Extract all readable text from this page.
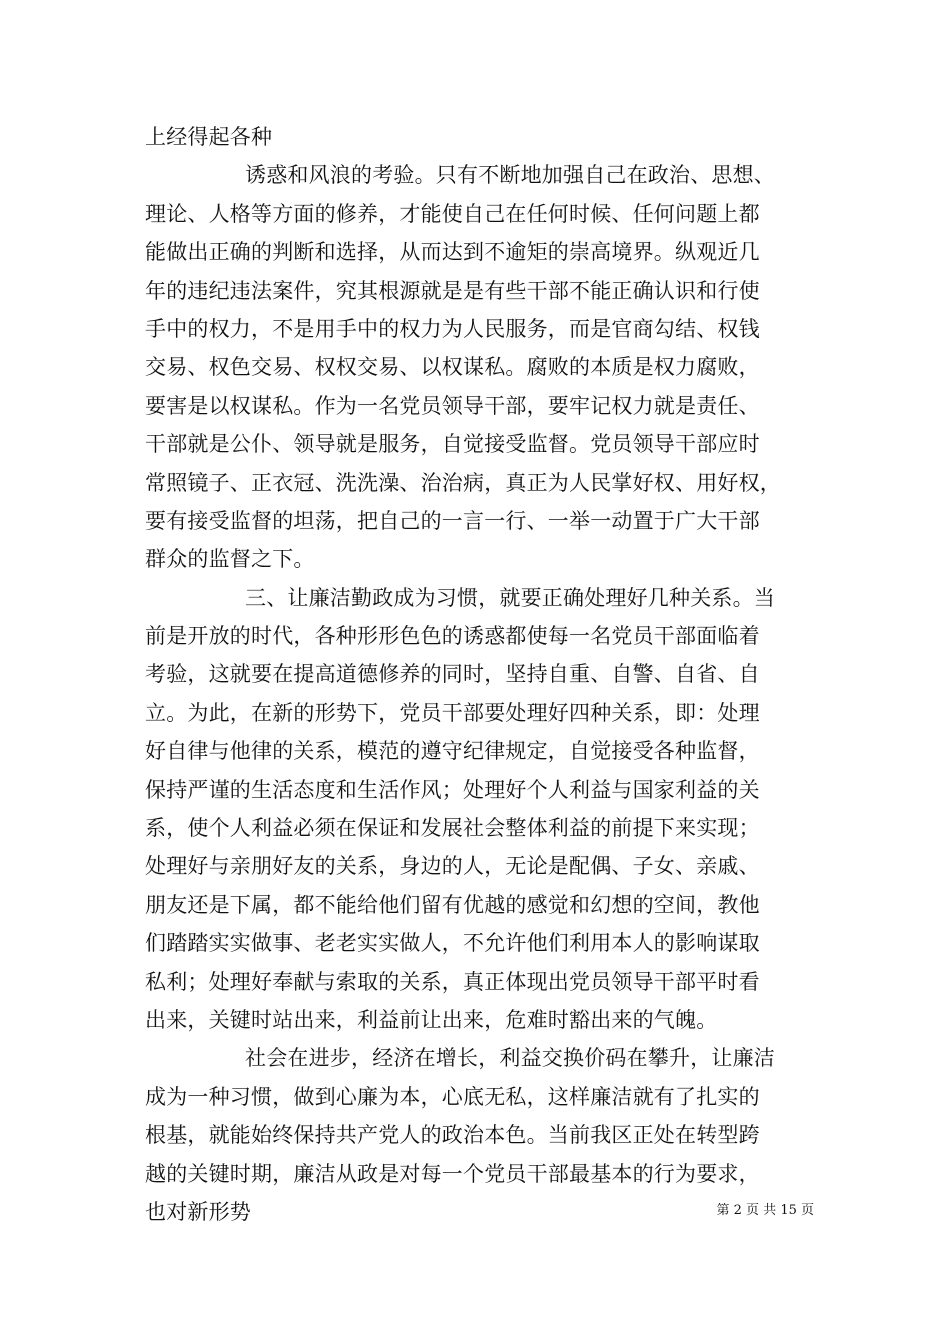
上经得起各种
诱惑和风浪的考验。只有不断地加强自己在政治、思想、
理论、人格等方面的修养，才能使自己在任何时候、任何问题上都
能做出正确的判断和选择，从而达到不逾矩的崇高境界。纵观近几
年的违纪违法案件，究其根源就是是有些干部不能正确认识和行使
手中的权力，不是用手中的权力为人民服务，而是官商勾结、权钱
交易、权色交易、权权交易、以权谋私。腐败的本质是权力腐败，
要害是以权谋私。作为一名党员领导干部，要牢记权力就是责任、
干部就是公仆、领导就是服务，自觉接受监督。党员领导干部应时
常照镜子、正衣冠、洗洗澡、治治病，真正为人民掌好权、用好权，
要有接受监督的坦荡，把自己的一言一行、一举一动置于广大干部
群众的监督之下。
三、让廉洁勤政成为习惯，就要正确处理好几种关系。当
前是开放的时代，各种形形色色的诱惑都使每一名党员干部面临着
考验，这就要在提高道德修养的同时，坚持自重、自警、自省、自
立。为此，在新的形势下，党员干部要处理好四种关系，即：处理
好自律与他律的关系，模范的遵守纪律规定，自觉接受各种监督，
保持严谨的生活态度和生活作风；处理好个人利益与国家利益的关
系，使个人利益必须在保证和发展社会整体利益的前提下来实现；
处理好与亲朋好友的关系，身边的人，无论是配偶、子女、亲戚、
朋友还是下属，都不能给他们留有优越的感觉和幻想的空间，教他
们踏踏实实做事、老老实实做人，不允许他们利用本人的影响谋取
私利；处理好奉献与索取的关系，真正体现出党员领导干部平时看
出来，关键时站出来，利益前让出来，危难时豁出来的气魄。
社会在进步，经济在增长，利益交换价码在攀升，让廉洁
成为一种习惯，做到心廉为本，心底无私，这样廉洁就有了扎实的
根基，就能始终保持共产党人的政治本色。当前我区正处在转型跨
越的关键时期，廉洁从政是对每一个党员干部最基本的行为要求，
也对新形势	第 2 页 共 15 页
